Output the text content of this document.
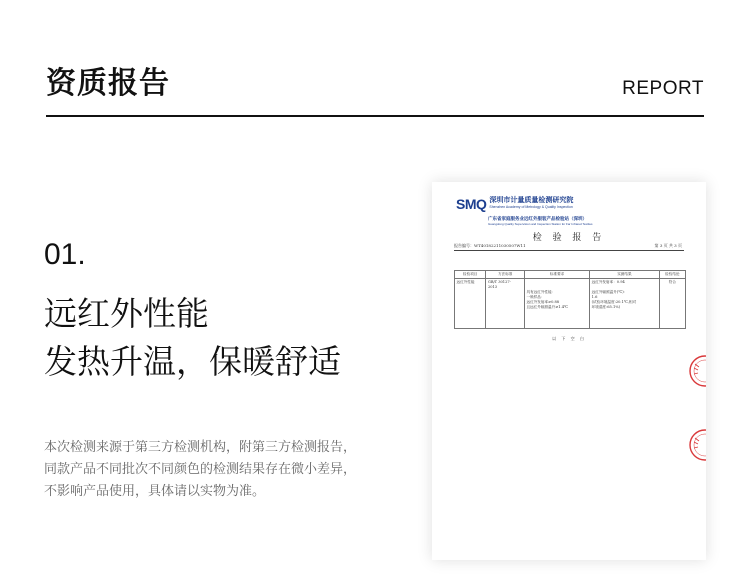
资质报告	REPORT
01.
远红外性能
发热升温，保暖舒适
本次检测来源于第三方检测机构，附第三方检测报告，
同款产品不同批次不同颜色的检测结果存在微小差异，
不影响产品使用，具体请以实物为准。
SMQ 深圳市计量质量检测研究院
Shenzhen Academy of Metrology & Quality Inspection
广东省家庭服务业远红外服装产品检验站（深圳）
Guangdong Quality Supervision and Inspection Station for Far Infrared Textiles
检 验 报 告
报告编号：WT40182211030507W11	第 3 页 共 3 页
检验项目	方法标准	标准要求	实测结果	检验结论
远红外性能	GB/T 30127-
2013	具有远红外性能：
一般样品：
远红外发射率≥0.88
且远红外辐照温升≥1.4℃	远红外发射率：0.94

远红外辐照温升(℃)：
1.6
(试验环境温度:20.1℃,相对
环境湿度:65.1%)	符合
以 下 空 白
